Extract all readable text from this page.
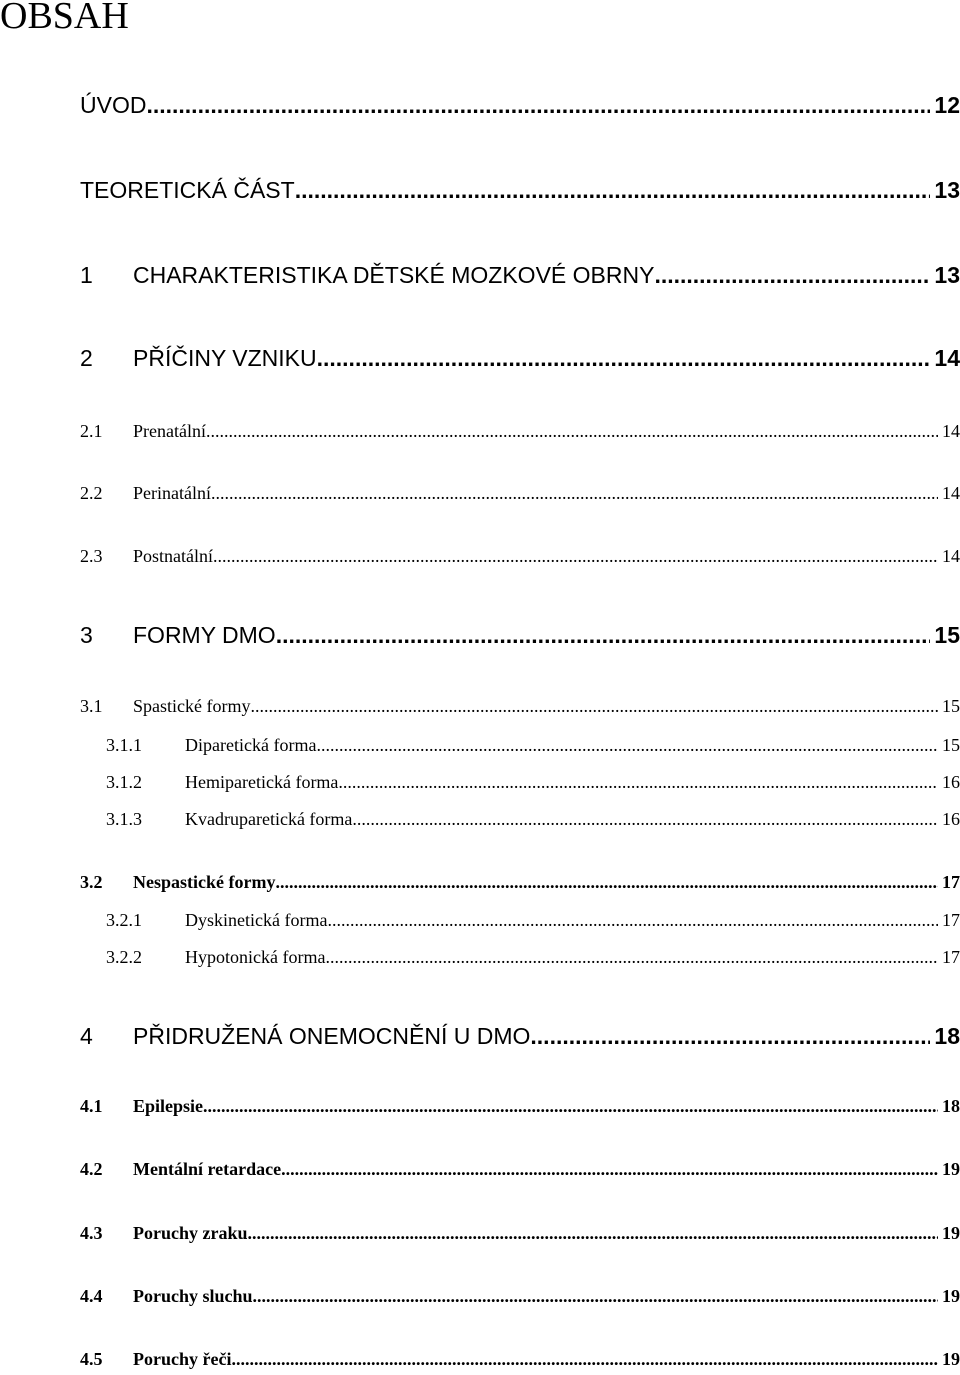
OBSAH
ÚVOD .....	12
TEORETICKÁ ČÁST .....	13
1	CHARAKTERISTIKA DĚTSKÉ MOZKOVÉ OBRNY .....	13
2	PŘÍČINY VZNIKU .....	14
2.1	Prenatální .....	14
2.2	Perinatální .....	14
2.3	Postnatální .....	14
3	FORMY DMO .....	15
3.1	Spastické formy .....	15
3.1.1	Diparetická forma .....	15
3.1.2	Hemiparetická forma .....	16
3.1.3	Kvadruparetická forma .....	16
3.2	Nespastické formy .....	17
3.2.1	Dyskinetická forma .....	17
3.2.2	Hypotonická forma .....	17
4	PŘIDRUŽENÁ ONEMOCNĚNÍ U DMO .....	18
4.1	Epilepsie .....	18
4.2	Mentální retardace .....	19
4.3	Poruchy zraku .....	19
4.4	Poruchy sluchu .....	19
4.5	Poruchy řeči .....	19
